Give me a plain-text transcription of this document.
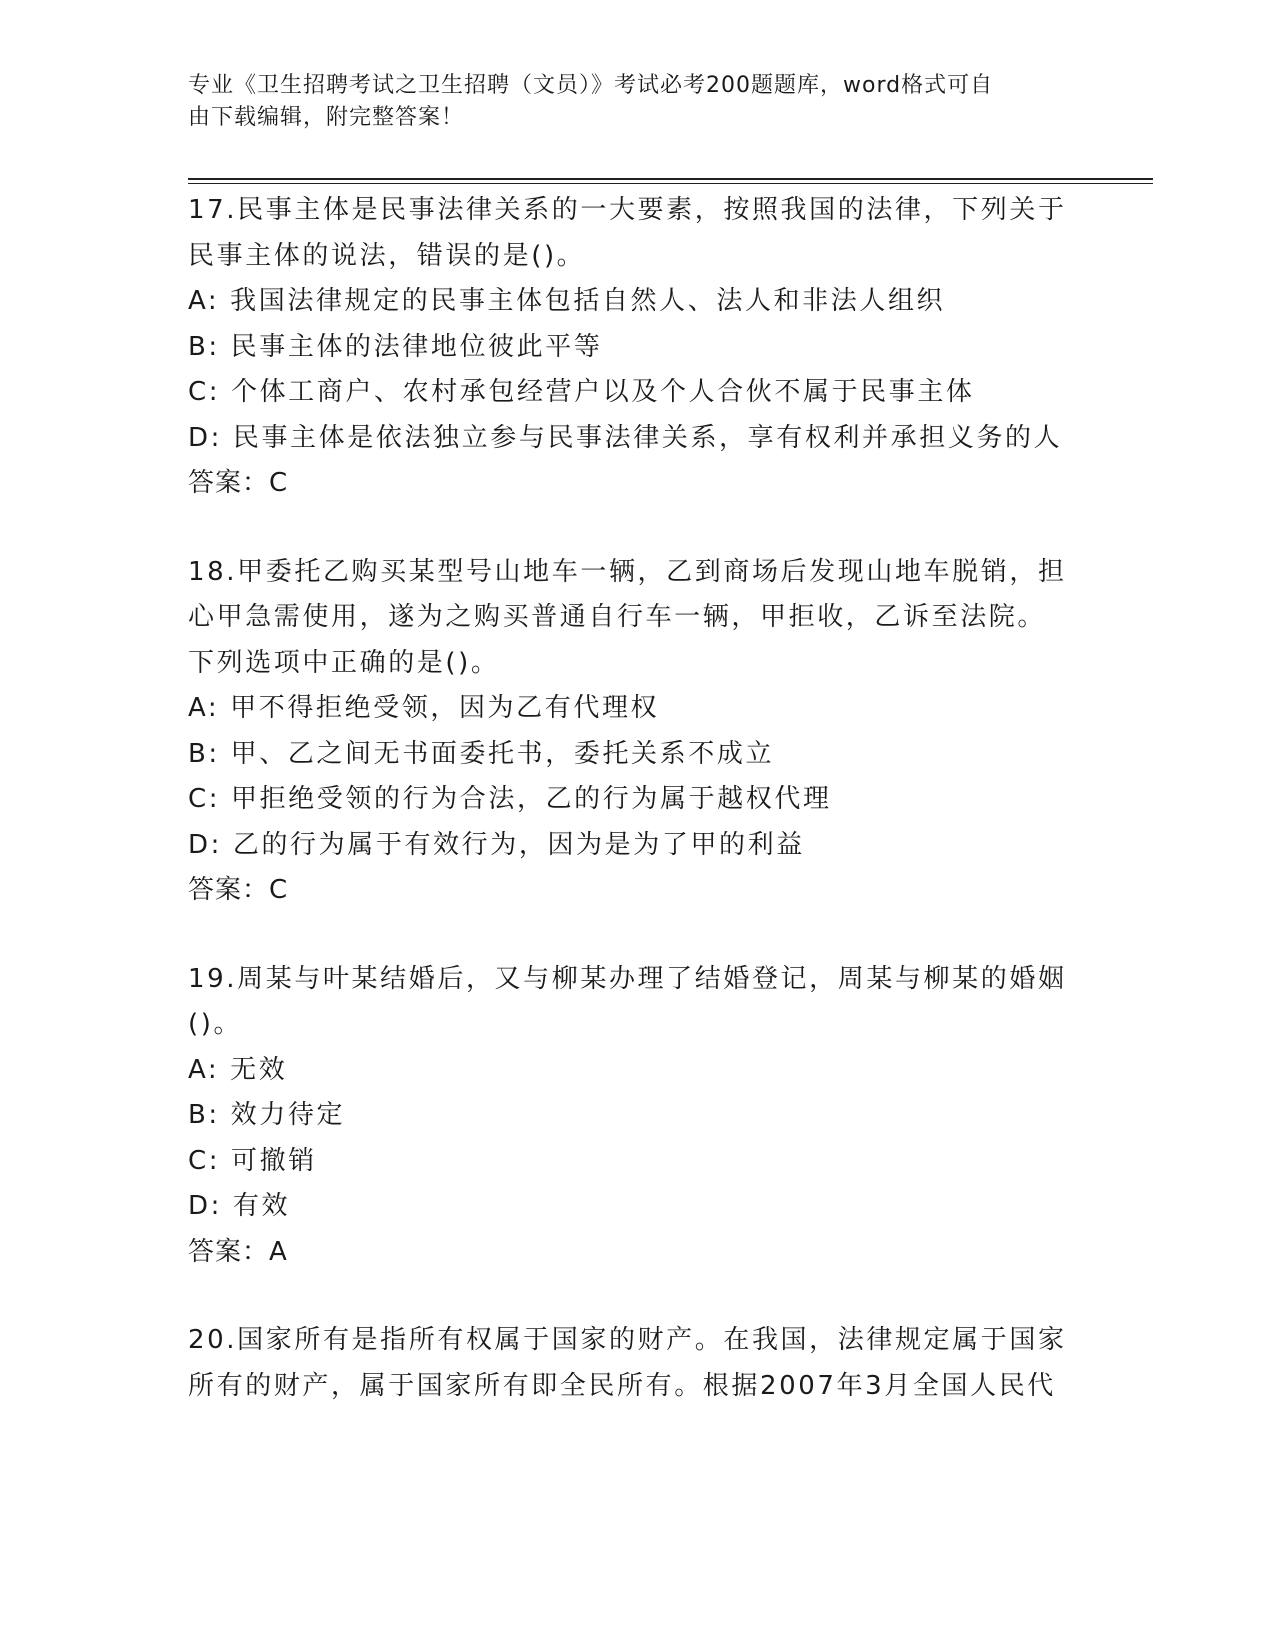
专业《卫生招聘考试之卫生招聘（文员）》考试必考200题题库，word格式可自
由下载编辑，附完整答案！
17.民事主体是民事法律关系的一大要素，按照我国的法律，下列关于
民事主体的说法，错误的是()。
A: 我国法律规定的民事主体包括自然人、法人和非法人组织
B: 民事主体的法律地位彼此平等
C: 个体工商户、农村承包经营户以及个人合伙不属于民事主体
D: 民事主体是依法独立参与民事法律关系，享有权利并承担义务的人
答案：C
18.甲委托乙购买某型号山地车一辆，乙到商场后发现山地车脱销，担
心甲急需使用，遂为之购买普通自行车一辆，甲拒收，乙诉至法院。
下列选项中正确的是()。
A: 甲不得拒绝受领，因为乙有代理权
B: 甲、乙之间无书面委托书，委托关系不成立
C: 甲拒绝受领的行为合法，乙的行为属于越权代理
D: 乙的行为属于有效行为，因为是为了甲的利益
答案：C
19.周某与叶某结婚后，又与柳某办理了结婚登记，周某与柳某的婚姻
()。
A: 无效
B: 效力待定
C: 可撤销
D: 有效
答案：A
20.国家所有是指所有权属于国家的财产。在我国，法律规定属于国家
所有的财产，属于国家所有即全民所有。根据2007年3月全国人民代
